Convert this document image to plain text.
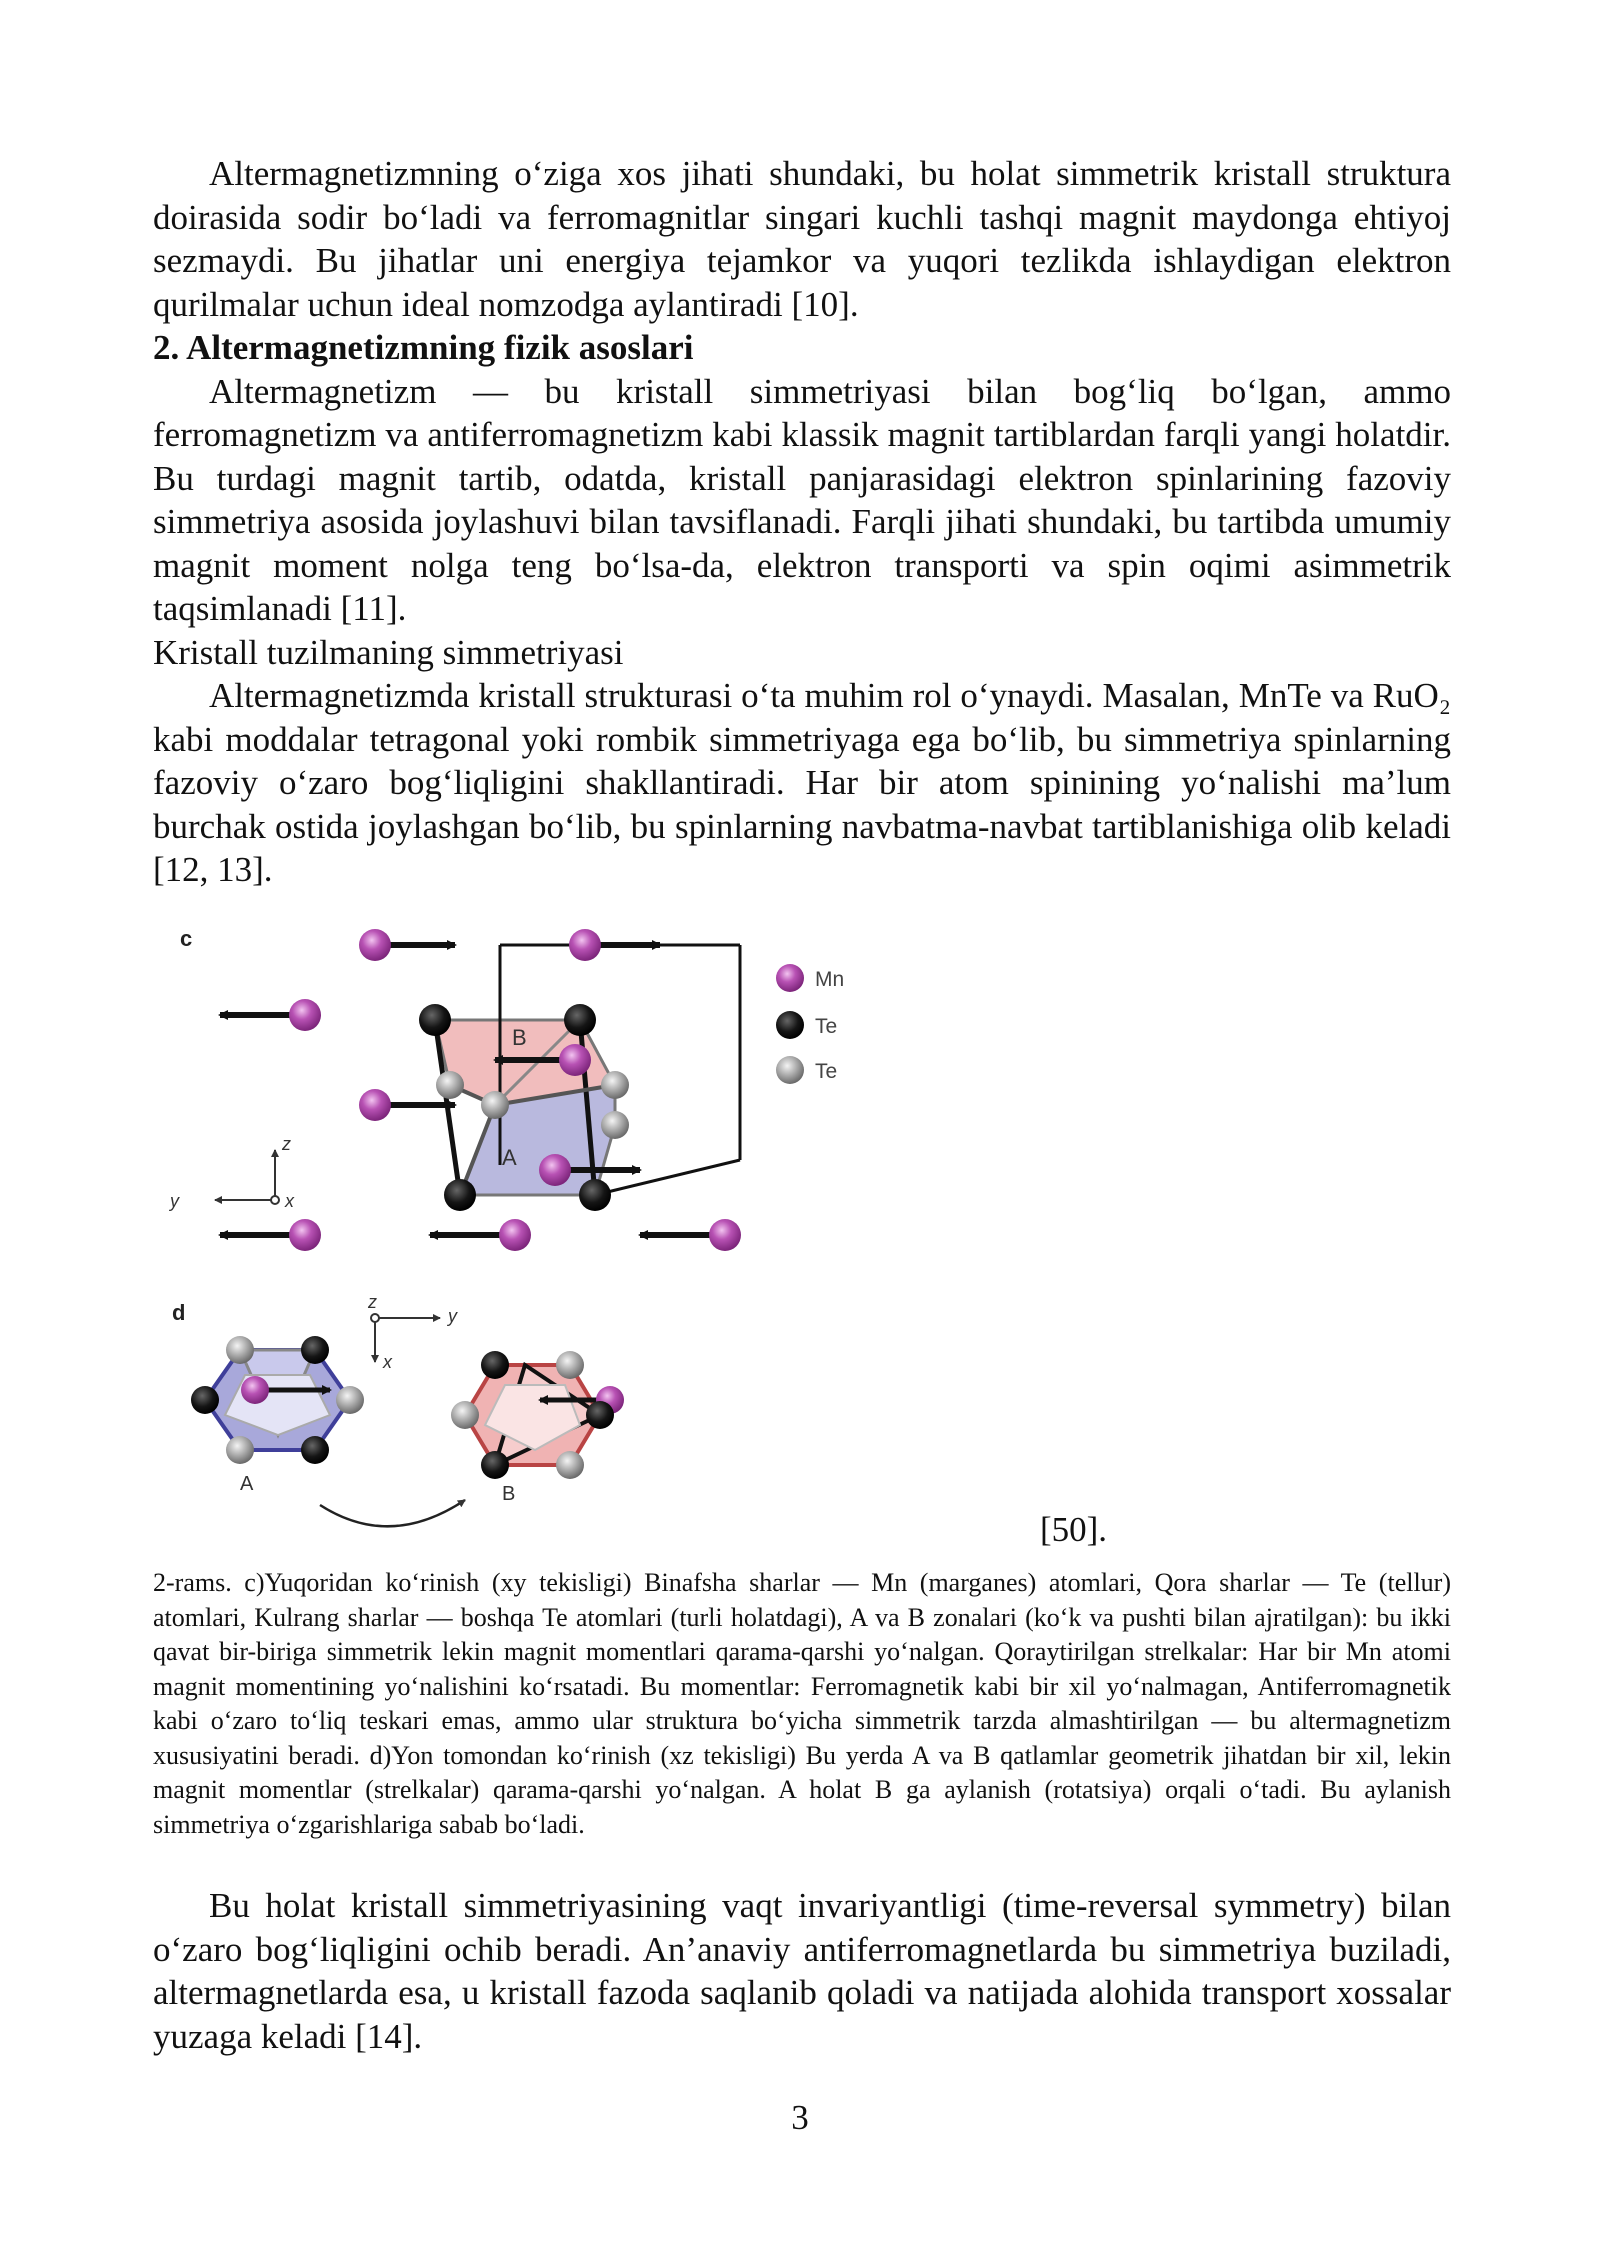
Altermagnetizmning o‘ziga xos jihati shundaki, bu holat simmetrik kristall struktura doirasida sodir bo‘ladi va ferromagnitlar singari kuchli tashqi magnit maydonga ehtiyoj sezmaydi. Bu jihatlar uni energiya tejamkor va yuqori tezlikda ishlaydigan elektron qurilmalar uchun ideal nomzodga aylantiradi [10].

2. Altermagnetizmning fizik asoslari

Altermagnetizm — bu kristall simmetriyasi bilan bog‘liq bo‘lgan, ammo ferromagnetizm va antiferromagnetizm kabi klassik magnit tartiblardan farqli yangi holatdir. Bu turdagi magnit tartib, odatda, kristall panjarasidagi elektron spinlarining fazoviy simmetriya asosida joylashuvi bilan tavsiflanadi. Farqli jihati shundaki, bu tartibda umumiy magnit moment nolga teng bo‘lsa-da, elektron transporti va spin oqimi asimmetrik taqsimlanadi [11].

Kristall tuzilmaning simmetriyasi

Altermagnetizmda kristall strukturasi o‘ta muhim rol o‘ynaydi. Masalan, MnTe va RuO₂ kabi moddalar tetragonal yoki rombik simmetriyaga ega bo‘lib, bu simmetriya spinlarning fazoviy o‘zaro bog‘liqligini shakllantiradi. Har bir atom spinining yo‘nalishi ma’lum burchak ostida joylashgan bo‘lib, bu spinlarning navbatma-navbat tartiblanishiga olib keladi [12, 13].

c
B
A
z
y	x
Mn
Te
Te
d	z
y
x
A	B
[50].

2-rams. c)Yuqoridan ko‘rinish (xy tekisligi) Binafsha sharlar — Mn (marganes) atomlari, Qora sharlar — Te (tellur) atomlari, Kulrang sharlar — boshqa Te atomlari (turli holatdagi), A va B zonalari (ko‘k va pushti bilan ajratilgan): bu ikki qavat bir-biriga simmetrik lekin magnit momentlari qarama-qarshi yo‘nalgan. Qoraytirilgan strelkalar: Har bir Mn atomi magnit momentining yo‘nalishini ko‘rsatadi. Bu momentlar: Ferromagnetik kabi bir xil yo‘nalmagan, Antiferromagnetik kabi o‘zaro to‘liq teskari emas, ammo ular struktura bo‘yicha simmetrik tarzda almashtirilgan — bu altermagnetizm xususiyatini beradi. d)Yon tomondan ko‘rinish (xz tekisligi) Bu yerda A va B qatlamlar geometrik jihatdan bir xil, lekin magnit momentlar (strelkalar) qarama-qarshi yo‘nalgan. A holat B ga aylanish (rotatsiya) orqali o‘tadi. Bu aylanish simmetriya o‘zgarishlariga sabab bo‘ladi.

Bu holat kristall simmetriyasining vaqt invariyantligi (time-reversal symmetry) bilan o‘zaro bog‘liqligini ochib beradi. An’anaviy antiferromagnetlarda bu simmetriya buziladi, altermagnetlarda esa, u kristall fazoda saqlanib qoladi va natijada alohida transport xossalar yuzaga keladi [14].

3
